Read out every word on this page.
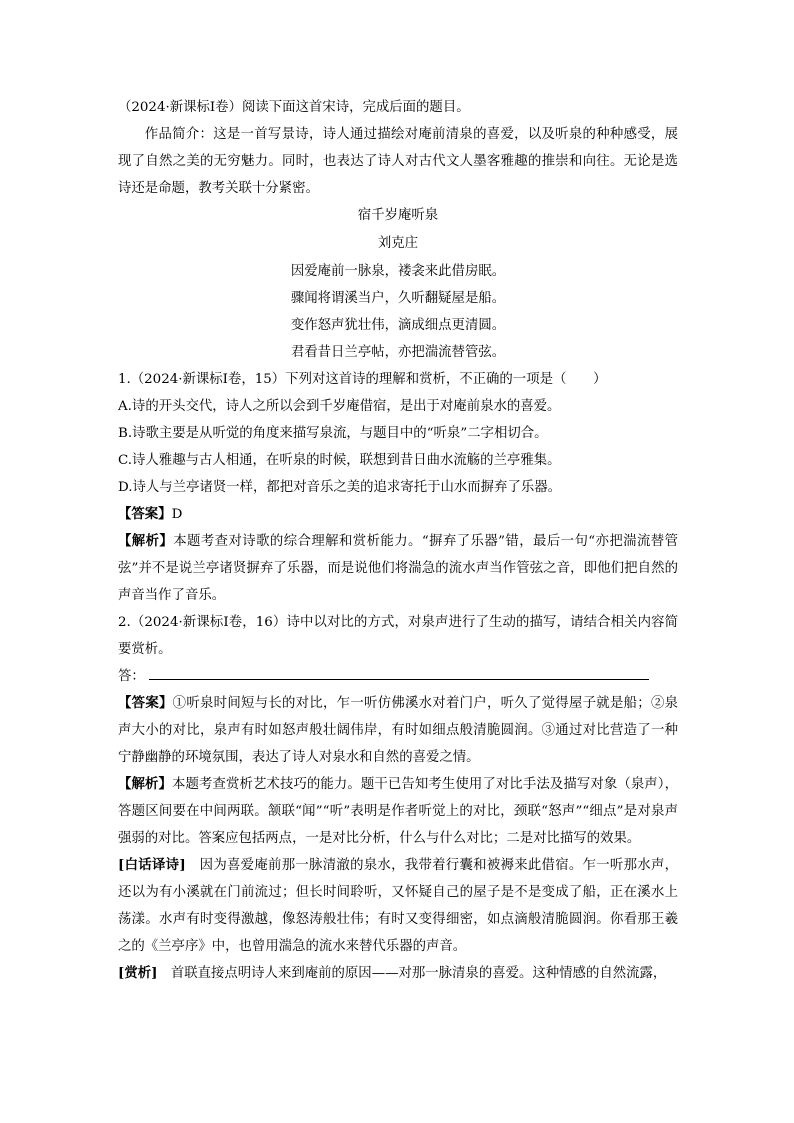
（2024·新课标Ⅰ卷）阅读下面这首宋诗，完成后面的题目。

作品简介：这是一首写景诗，诗人通过描绘对庵前清泉的喜爱，以及听泉的种种感受，展现了自然之美的无穷魅力。同时，也表达了诗人对古代文人墨客雅趣的推崇和向往。无论是选诗还是命题，教考关联十分紧密。

宿千岁庵听泉

刘克庄

因爱庵前一脉泉，褛衾来此借房眠。

骤闻将谓溪当户，久听翻疑屋是船。

变作怒声犹壮伟，滴成细点更清圆。

君看昔日兰亭帖，亦把湍流替管弦。

1.（2024·新课标Ⅰ卷，15）下列对这首诗的理解和赏析，不正确的一项是（　　）

A.诗的开头交代，诗人之所以会到千岁庵借宿，是出于对庵前泉水的喜爱。

B.诗歌主要是从听觉的角度来描写泉流，与题目中的“听泉”二字相切合。

C.诗人雅趣与古人相通，在听泉的时候，联想到昔日曲水流觞的兰亭雅集。

D.诗人与兰亭诸贤一样，都把对音乐之美的追求寄托于山水而摒弃了乐器。

【答案】D

【解析】本题考查对诗歌的综合理解和赏析能力。“摒弃了乐器”错，最后一句“亦把湍流替管弦”并不是说兰亭诸贤摒弃了乐器，而是说他们将湍急的流水声当作管弦之音，即他们把自然的声音当作了音乐。

2.（2024·新课标Ⅰ卷，16）诗中以对比的方式，对泉声进行了生动的描写，请结合相关内容简要赏析。

答：

【答案】①听泉时间短与长的对比，乍一听仿佛溪水对着门户，听久了觉得屋子就是船；②泉声大小的对比，泉声有时如怒声般壮阔伟岸，有时如细点般清脆圆润。③通过对比营造了一种宁静幽静的环境氛围，表达了诗人对泉水和自然的喜爱之情。

【解析】本题考查赏析艺术技巧的能力。题干已告知考生使用了对比手法及描写对象（泉声），答题区间要在中间两联。颔联“闻”“听”表明是作者听觉上的对比，颈联“怒声”“细点”是对泉声强弱的对比。答案应包括两点，一是对比分析，什么与什么对比；二是对比描写的效果。

[白话译诗]　 因为喜爱庵前那一脉清澈的泉水，我带着行囊和被褥来此借宿。乍一听那水声，还以为有小溪就在门前流过；但长时间聆听，又怀疑自己的屋子是不是变成了船，正在溪水上荡漾。水声有时变得激越，像怒涛般壮伟；有时又变得细密，如点滴般清脆圆润。你看那王羲之的《兰亭序》中，也曾用湍急的流水来替代乐器的声音。

[赏析]　 首联直接点明诗人来到庵前的原因——对那一脉清泉的喜爱。这种情感的自然流露，
